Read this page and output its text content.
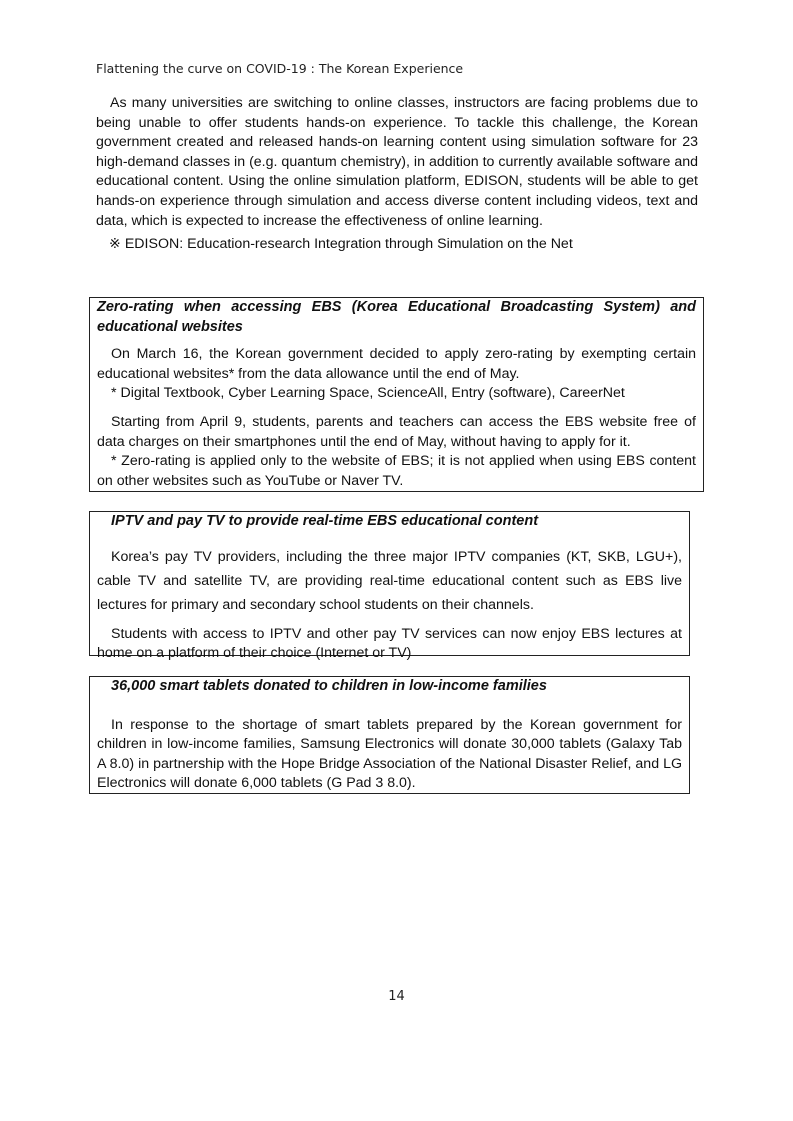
Flattening the curve on COVID-19 : The Korean Experience

As many universities are switching to online classes, instructors are facing problems due to being unable to offer students hands-on experience. To tackle this challenge, the Korean government created and released hands-on learning content using simulation software for 23 high-demand classes in (e.g. quantum chemistry), in addition to currently available software and educational content. Using the online simulation platform, EDISON, students will be able to get hands-on experience through simulation and access diverse content including videos, text and data, which is expected to increase the effectiveness of online learning.

※ EDISON: Education-research Integration through Simulation on the Net

Zero-rating when accessing EBS (Korea Educational Broadcasting System) and educational websites

On March 16, the Korean government decided to apply zero-rating by exempting certain educational websites* from the data allowance until the end of May.

* Digital Textbook, Cyber Learning Space, ScienceAll, Entry (software), CareerNet

Starting from April 9, students, parents and teachers can access the EBS website free of data charges on their smartphones until the end of May, without having to apply for it.

* Zero-rating is applied only to the website of EBS; it is not applied when using EBS content on other websites such as YouTube or Naver TV.

IPTV and pay TV to provide real-time EBS educational content

Korea’s pay TV providers, including the three major IPTV companies (KT, SKB, LGU+), cable TV and satellite TV, are providing real-time educational content such as EBS live lectures for primary and secondary school students on their channels.

Students with access to IPTV and other pay TV services can now enjoy EBS lectures at home on a platform of their choice (Internet or TV)

36,000 smart tablets donated to children in low-income families

In response to the shortage of smart tablets prepared by the Korean government for children in low-income families, Samsung Electronics will donate 30,000 tablets (Galaxy Tab A 8.0) in partnership with the Hope Bridge Association of the National Disaster Relief, and LG Electronics will donate 6,000 tablets (G Pad 3 8.0).

14
